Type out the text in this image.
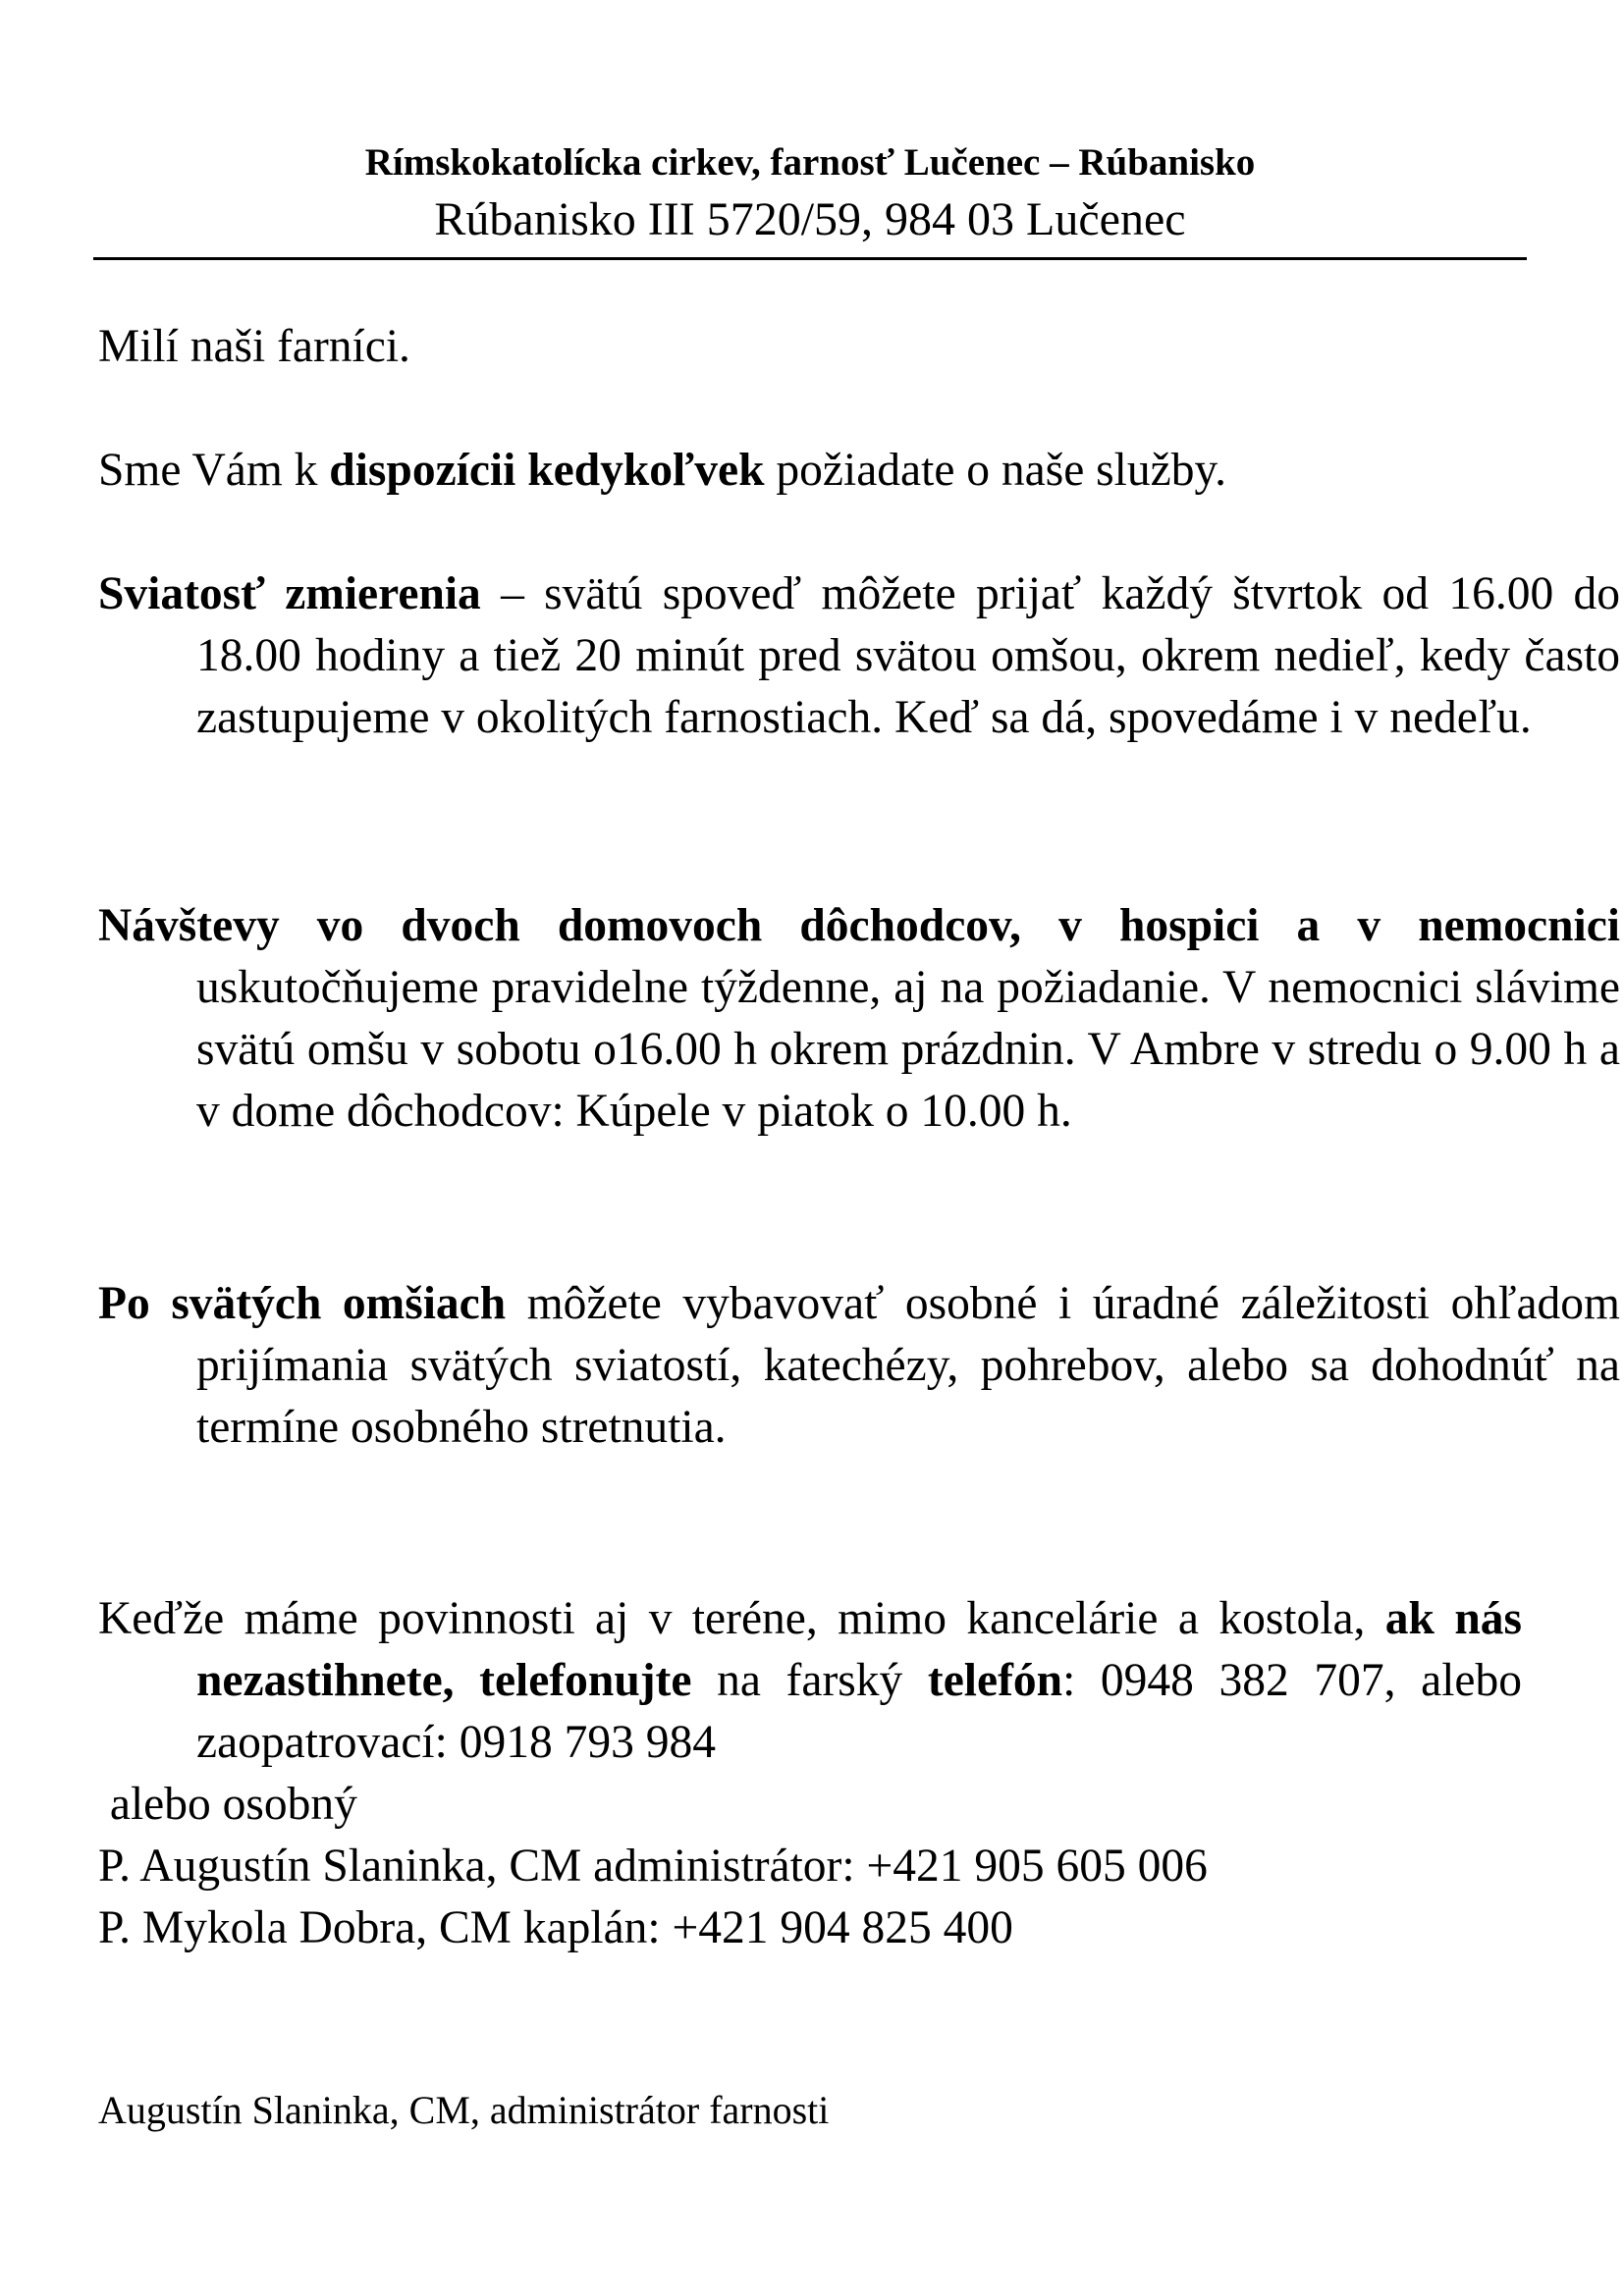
Rímskokatolícka cirkev, farnosť Lučenec – Rúbanisko
Rúbanisko III 5720/59, 984 03 Lučenec

Milí naši farníci.

Sme Vám k dispozícii kedykoľvek požiadate o naše služby.

Sviatosť zmierenia – svätú spoveď môžete prijať každý štvrtok od 16.00 do 18.00 hodiny a tiež 20 minút pred svätou omšou, okrem nedieľ, kedy často zastupujeme v okolitých farnostiach. Keď sa dá, spovedáme i v nedeľu.

Návštevy vo dvoch domovoch dôchodcov, v hospici a v nemocnici uskutočňujeme pravidelne týždenne, aj na požiadanie. V nemocnici slávime svätú omšu v sobotu o16.00 h okrem prázdnin. V Ambre v stredu o 9.00 h a v dome dôchodcov: Kúpele v piatok o 10.00 h.

Po svätých omšiach môžete vybavovať osobné i úradné záležitosti ohľadom prijímania svätých sviatostí, katechézy, pohrebov, alebo sa dohodnúť na termíne osobného stretnutia.

Keďže máme povinnosti aj v teréne, mimo kancelárie a kostola, ak nás nezastihnete, telefonujte na farský telefón: 0948 382 707, alebo zaopatrovací: 0918 793 984

alebo osobný

P. Augustín Slaninka, CM administrátor: +421 905 605 006

P. Mykola Dobra, CM kaplán: +421 904 825 400

Augustín Slaninka, CM, administrátor farnosti
